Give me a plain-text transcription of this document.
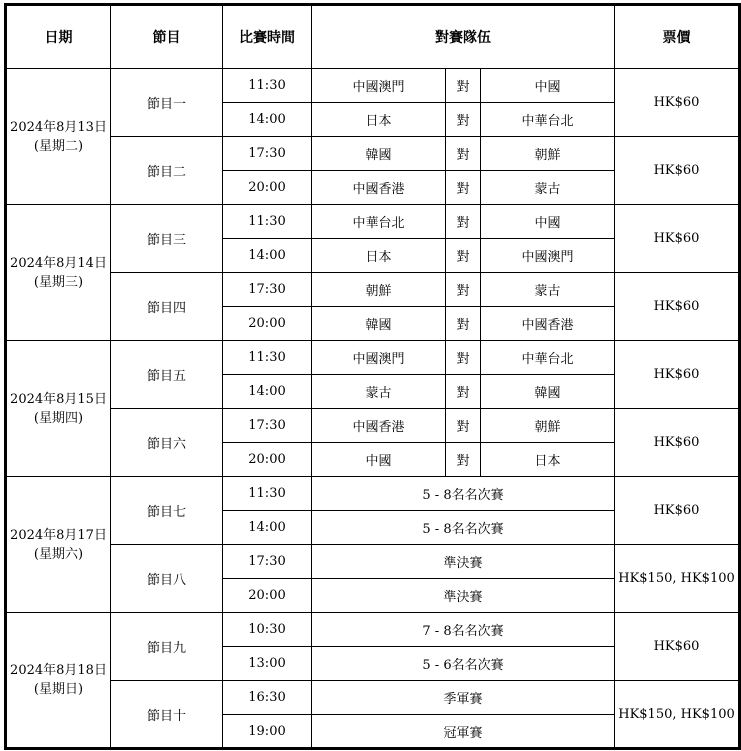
日期	節目	比賽時間	對賽隊伍			票價

2024年8月13日
(星期二)	節目一	11:30	中國澳門	對	中國	HK$60
		14:00	日本	對	中華台北	
	節目二	17:30	韓國	對	朝鮮	HK$60
		20:00	中國香港	對	蒙古	

2024年8月14日
(星期三)	節目三	11:30	中華台北	對	中國	HK$60
		14:00	日本	對	中國澳門	
	節目四	17:30	朝鮮	對	蒙古	HK$60
		20:00	韓國	對	中國香港	

2024年8月15日
(星期四)	節目五	11:30	中國澳門	對	中華台北	HK$60
		14:00	蒙古	對	韓國	
	節目六	17:30	中國香港	對	朝鮮	HK$60
		20:00	中國	對	日本	

2024年8月17日
(星期六)	節目七	11:30	5 - 8名名次賽			HK$60
		14:00	5 - 8名名次賽			
	節目八	17:30	準決賽			HK$150, HK$100
		20:00	準決賽			

2024年8月18日
(星期日)	節目九	10:30	7 - 8名名次賽			HK$60
		13:00	5 - 6名名次賽			
	節目十	16:30	季軍賽			HK$150, HK$100
		19:00	冠軍賽			
